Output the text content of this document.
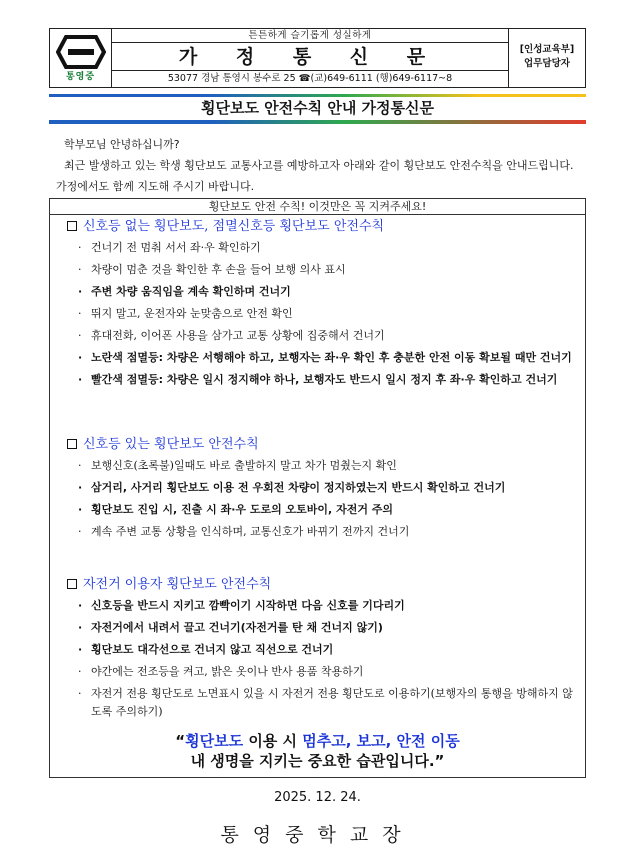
통영중
튼튼하게 슬기롭게 성실하게
가 정 통 신 문
53077 경남 통영시 봉수로 25 ☎(교)649-6111 (행)649-6117~8
[인성교육부]
업무담당자
횡단보도 안전수칙 안내 가정통신문
학부모님 안녕하십니까?
최근 발생하고 있는 학생 횡단보도 교통사고를 예방하고자 아래와 같이 횡단보도 안전수칙을 안내드립니다. 가정에서도 함께 지도해 주시기 바랍니다.
횡단보도 안전 수칙! 이것만은 꼭 지켜주세요!
신호등 없는 횡단보도, 점멸신호등 횡단보도 안전수칙
· 건너기 전 멈춰 서서 좌·우 확인하기
· 차량이 멈춘 것을 확인한 후 손을 들어 보행 의사 표시
· 주변 차량 움직임을 계속 확인하며 건너기
· 뛰지 말고, 운전자와 눈맞춤으로 안전 확인
· 휴대전화, 이어폰 사용을 삼가고 교통 상황에 집중해서 건너기
· 노란색 점멸등: 차량은 서행해야 하고, 보행자는 좌·우 확인 후 충분한 안전 이동 확보될 때만 건너기
· 빨간색 점멸등: 차량은 일시 정지해야 하나, 보행자도 반드시 일시 정지 후 좌·우 확인하고 건너기
신호등 있는 횡단보도 안전수칙
· 보행신호(초록불)일때도 바로 출발하지 말고 차가 멈췄는지 확인
· 삼거리, 사거리 횡단보도 이용 전 우회전 차량이 정지하였는지 반드시 확인하고 건너기
· 횡단보도 진입 시, 진출 시 좌·우 도로의 오토바이, 자전거 주의
· 계속 주변 교통 상황을 인식하며, 교통신호가 바뀌기 전까지 건너기
자전거 이용자 횡단보도 안전수칙
· 신호등을 반드시 지키고 깜빡이기 시작하면 다음 신호를 기다리기
· 자전거에서 내려서 끌고 건너기(자전거를 탄 채 건너지 않기)
· 횡단보도 대각선으로 건너지 않고 직선으로 건너기
· 야간에는 전조등을 켜고, 밝은 옷이나 반사 용품 착용하기
· 자전거 전용 횡단도로 노면표시 있을 시 자전거 전용 횡단도로 이용하기(보행자의 통행을 방해하지 않도록 주의하기)
“횡단보도 이용 시 멈추고, 보고, 안전 이동
내 생명을 지키는 중요한 습관입니다.”
2025. 12. 24.
통영중학교장
